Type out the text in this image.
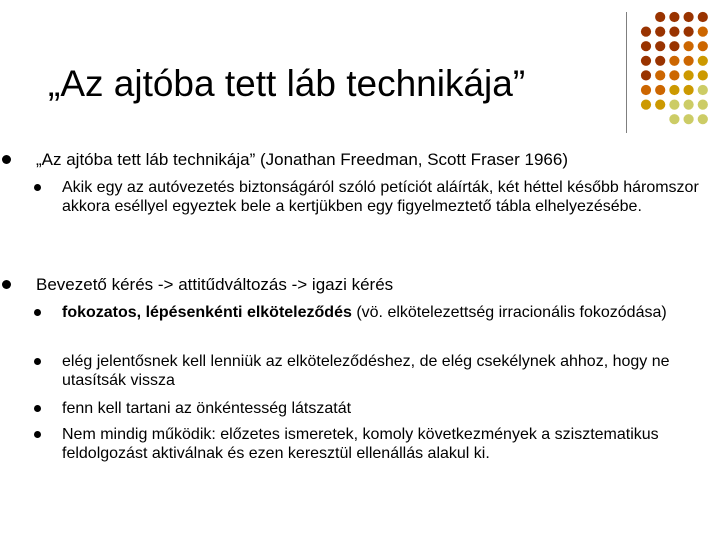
„Az ajtóba tett láb technikája”
„Az ajtóba tett láb technikája” (Jonathan Freedman, Scott Fraser 1966)
Akik egy az autóvezetés biztonságáról szóló petíciót aláírták, két héttel később háromszor akkora eséllyel egyeztek bele a kertjükben egy figyelmeztető tábla elhelyezésébe.
Bevezető kérés -> attitűdváltozás -> igazi kérés
fokozatos, lépésenkénti elköteleződés (vö. elkötelezettség irracionális fokozódása)
elég jelentősnek kell lenniük az elköteleződéshez, de elég csekélynek ahhoz, hogy ne utasítsák vissza
fenn kell tartani az önkéntesség látszatát
Nem mindig működik: előzetes ismeretek, komoly következmények a szisztematikus feldolgozást aktiválnak és ezen keresztül ellenállás alakul ki.
